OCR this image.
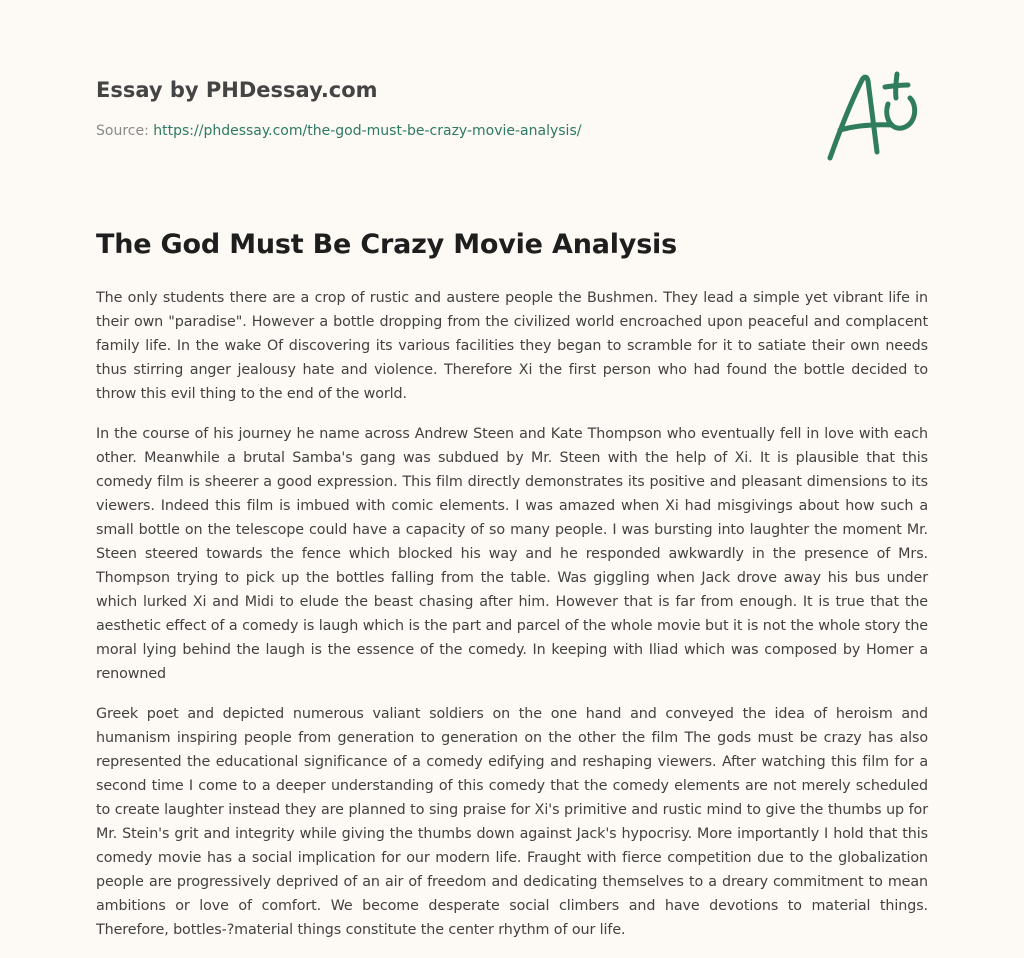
Essay by PHDessay.com
Source: https://phdessay.com/the-god-must-be-crazy-movie-analysis/
The God Must Be Crazy Movie Analysis

The only students there are a crop of rustic and austere people the Bushmen. They lead a simple yet vibrant life in their own "paradise". However a bottle dropping from the civilized world encroached upon peaceful and complacent family life. In the wake Of discovering its various facilities they began to scramble for it to satiate their own needs thus stirring anger jealousy hate and violence. Therefore Xi the first person who had found the bottle decided to throw this evil thing to the end of the world.

In the course of his journey he name across Andrew Steen and Kate Thompson who eventually fell in love with each other. Meanwhile a brutal Samba's gang was subdued by Mr. Steen with the help of Xi. It is plausible that this comedy film is sheerer a good expression. This film directly demonstrates its positive and pleasant dimensions to its viewers. Indeed this film is imbued with comic elements. I was amazed when Xi had misgivings about how such a small bottle on the telescope could have a capacity of so many people. I was bursting into laughter the moment Mr. Steen steered towards the fence which blocked his way and he responded awkwardly in the presence of Mrs. Thompson trying to pick up the bottles falling from the table. Was giggling when Jack drove away his bus under which lurked Xi and Midi to elude the beast chasing after him. However that is far from enough. It is true that the aesthetic effect of a comedy is laugh which is the part and parcel of the whole movie but it is not the whole story the moral lying behind the laugh is the essence of the comedy. In keeping with Iliad which was composed by Homer a renowned

Greek poet and depicted numerous valiant soldiers on the one hand and conveyed the idea of heroism and humanism inspiring people from generation to generation on the other the film The gods must be crazy has also represented the educational significance of a comedy edifying and reshaping viewers. After watching this film for a second time I come to a deeper understanding of this comedy that the comedy elements are not merely scheduled to create laughter instead they are planned to sing praise for Xi's primitive and rustic mind to give the thumbs up for Mr. Stein's grit and integrity while giving the thumbs down against Jack's hypocrisy. More importantly I hold that this comedy movie has a social implication for our modern life. Fraught with fierce competition due to the globalization people are progressively deprived of an air of freedom and dedicating themselves to a dreary commitment to mean ambitions or love of comfort. We become desperate social climbers and have devotions to material things. Therefore, bottles-?material things constitute the center rhythm of our life.
